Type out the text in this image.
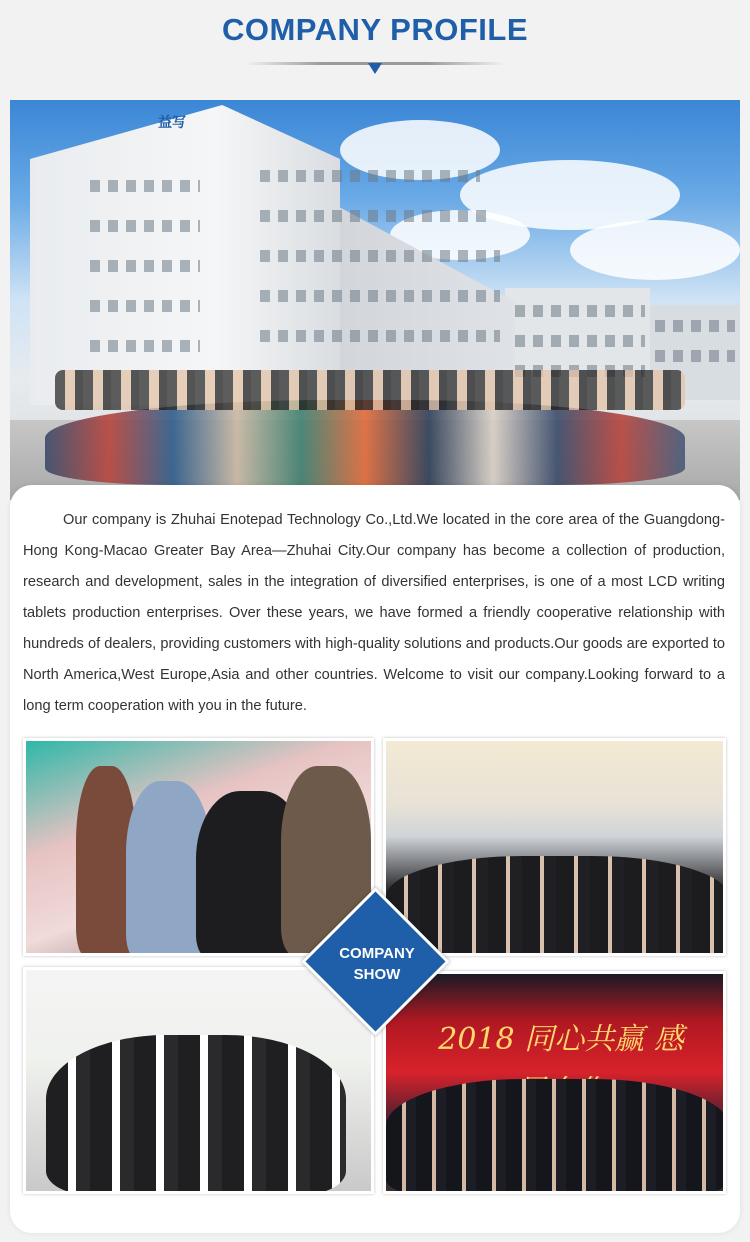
COMPANY PROFILE
益写

Our company is Zhuhai Enotepad Technology Co.,Ltd.We located in the core area of the Guangdong-Hong Kong-Macao Greater Bay Area—Zhuhai City.Our company has become a collection of production, research and development, sales in the integration of diversified enterprises, is one of a most LCD writing tablets production enterprises. Over these years, we have formed a friendly cooperative relationship with hundreds of dealers, providing customers with high-quality solutions and products.Our goods are exported to North America,West Europe,Asia and other countries. Welcome to visit our company.Looking forward to a long term cooperation with you in the future.

2018 同心共赢 感
COMPANY
SHOW
